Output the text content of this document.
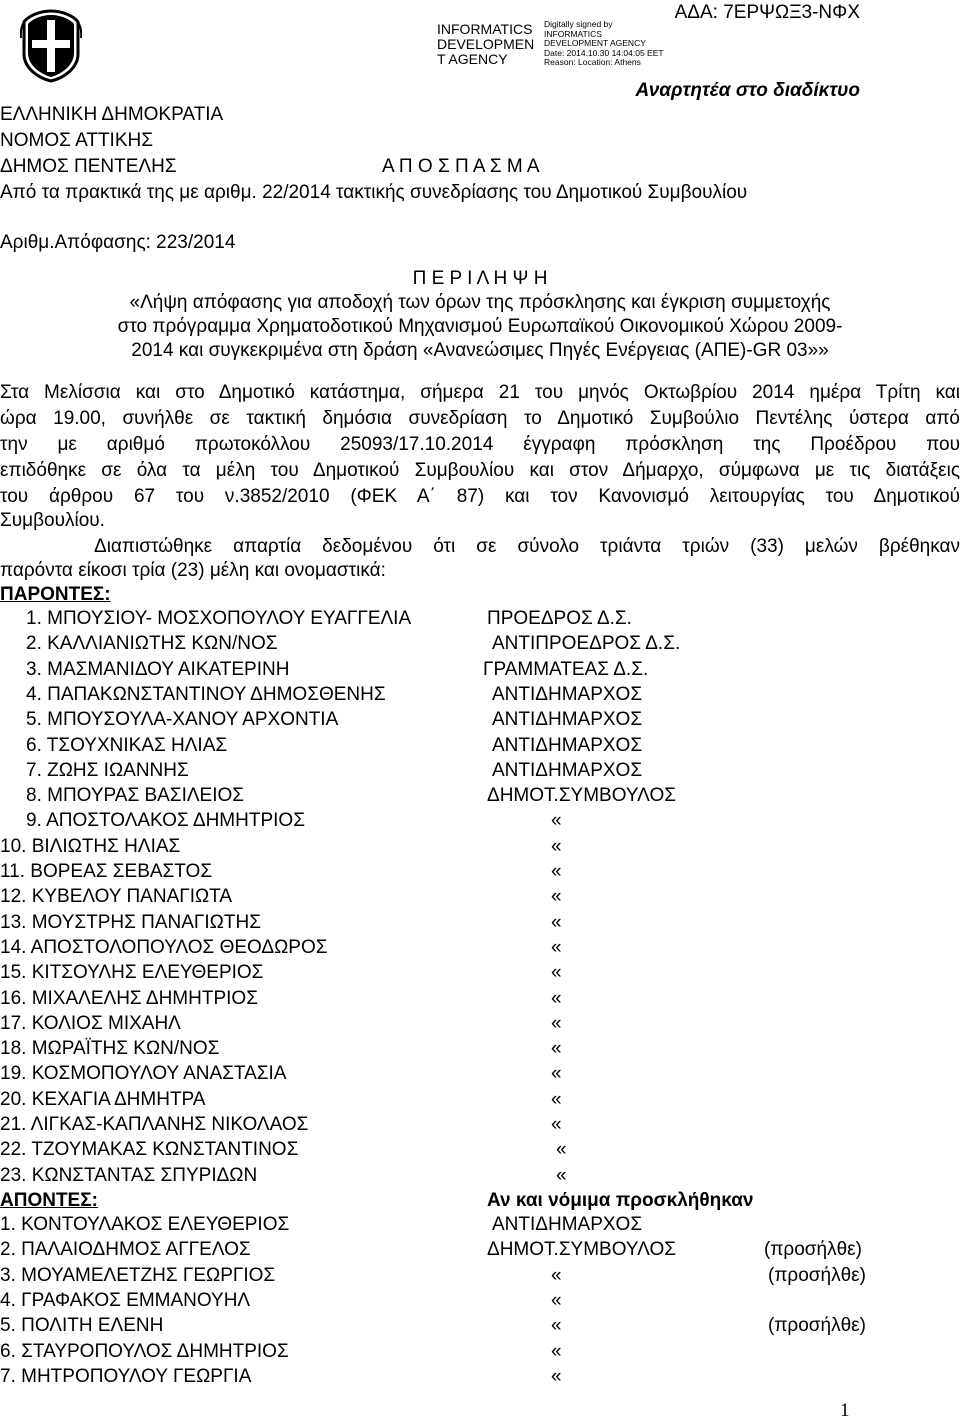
INFORMATICS DEVELOPMEN T AGENCY
Digitally signed by INFORMATICS DEVELOPMENT AGENCY Date: 2014.10.30 14:04:05 EET Reason: Location: Athens
ΑΔΑ: 7ΕΡΨΩΞ3-ΝΦΧ
Αναρτητέα στο διαδίκτυο
ΕΛΛΗΝΙΚΗ ΔΗΜΟΚΡΑΤΙΑ
ΝΟΜΟΣ ΑΤΤΙΚΗΣ
ΔΗΜΟΣ ΠΕΝΤΕΛΗΣ	Α Π Ο Σ Π Α Σ Μ Α
Από τα πρακτικά της με αριθμ. 22/2014 τακτικής συνεδρίασης του Δημοτικού Συμβουλίου
Αριθμ.Απόφασης: 223/2014
Π Ε Ρ Ι Λ Η Ψ Η
«Λήψη απόφασης για αποδοχή των όρων της πρόσκλησης και έγκριση συμμετοχής
στο πρόγραμμα Χρηματοδοτικού Μηχανισμού Ευρωπαϊκού Οικονομικού Χώρου 2009-
2014 και συγκεκριμένα στη δράση «Ανανεώσιμες Πηγές Ενέργειας (ΑΠΕ)-GR 03»»
Στα Μελίσσια και στο Δημοτικό κατάστημα, σήμερα 21 του μηνός Οκτωβρίου 2014 ημέρα Τρίτη και
ώρα 19.00, συνήλθε σε τακτική δημόσια συνεδρίαση το Δημοτικό Συμβούλιο Πεντέλης ύστερα από
την με αριθμό πρωτοκόλλου 25093/17.10.2014 έγγραφη πρόσκληση της Προέδρου που
επιδόθηκε σε όλα τα μέλη του Δημοτικού Συμβουλίου και στον Δήμαρχο, σύμφωνα με τις διατάξεις
του άρθρου 67 του ν.3852/2010 (ΦΕΚ Α΄ 87) και τον Κανονισμό λειτουργίας του Δημοτικού
Συμβουλίου.
Διαπιστώθηκε απαρτία δεδομένου ότι σε σύνολο τριάντα τριών (33) μελών βρέθηκαν
παρόντα είκοσι τρία (23) μέλη και ονομαστικά:
ΠΑΡΟΝΤΕΣ:
1. ΜΠΟΥΣΙΟΥ- ΜΟΣΧΟΠΟΥΛΟΥ ΕΥΑΓΓΕΛΙΑ	ΠΡΟΕΔΡΟΣ Δ.Σ.
2. ΚΑΛΛΙΑΝΙΩΤΗΣ ΚΩΝ/ΝΟΣ	ΑΝΤΙΠΡΟΕΔΡΟΣ Δ.Σ.
3. ΜΑΣΜΑΝΙΔΟΥ ΑΙΚΑΤΕΡΙΝΗ	ΓΡΑΜΜΑΤΕΑΣ Δ.Σ.
4. ΠΑΠΑΚΩΝΣΤΑΝΤΙΝΟΥ ΔΗΜΟΣΘΕΝΗΣ	ΑΝΤΙΔΗΜΑΡΧΟΣ
5. ΜΠΟΥΣΟΥΛΑ-ΧΑΝΟΥ ΑΡΧΟΝΤΙΑ	ΑΝΤΙΔΗΜΑΡΧΟΣ
6. ΤΣΟΥΧΝΙΚΑΣ ΗΛΙΑΣ	ΑΝΤΙΔΗΜΑΡΧΟΣ
7. ΖΩΗΣ ΙΩΑΝΝΗΣ	ΑΝΤΙΔΗΜΑΡΧΟΣ
8. ΜΠΟΥΡΑΣ ΒΑΣΙΛΕΙΟΣ	ΔΗΜΟΤ.ΣΥΜΒΟΥΛΟΣ
9. ΑΠΟΣΤΟΛΑΚΟΣ ΔΗΜΗΤΡΙΟΣ	«
10. ΒΙΛΙΩΤΗΣ ΗΛΙΑΣ	«
11. ΒΟΡΕΑΣ ΣΕΒΑΣΤΟΣ	«
12. ΚΥΒΕΛΟΥ ΠΑΝΑΓΙΩΤΑ	«
13. ΜΟΥΣΤΡΗΣ ΠΑΝΑΓΙΩΤΗΣ	«
14. ΑΠΟΣΤΟΛΟΠΟΥΛΟΣ ΘΕΟΔΩΡΟΣ	«
15. ΚΙΤΣΟΥΛΗΣ ΕΛΕΥΘΕΡΙΟΣ	«
16. ΜΙΧΑΛΕΛΗΣ ΔΗΜΗΤΡΙΟΣ	«
17. ΚΟΛΙΟΣ ΜΙΧΑΗΛ	«
18. ΜΩΡΑΪΤΗΣ ΚΩΝ/ΝΟΣ	«
19. ΚΟΣΜΟΠΟΥΛΟΥ ΑΝΑΣΤΑΣΙΑ	«
20. ΚΕΧΑΓΙΑ ΔΗΜΗΤΡΑ	«
21. ΛΙΓΚΑΣ-ΚΑΠΛΑΝΗΣ ΝΙΚΟΛΑΟΣ	«
22. ΤΖΟΥΜΑΚΑΣ ΚΩΝΣΤΑΝΤΙΝΟΣ	«
23. ΚΩΝΣΤΑΝΤΑΣ ΣΠΥΡΙΔΩΝ	«
ΑΠΟΝΤΕΣ:	Αν και νόμιμα προσκλήθηκαν
1. ΚΟΝΤΟΥΛΑΚΟΣ ΕΛΕΥΘΕΡΙΟΣ	ΑΝΤΙΔΗΜΑΡΧΟΣ
2. ΠΑΛΑΙΟΔΗΜΟΣ ΑΓΓΕΛΟΣ	ΔΗΜΟΤ.ΣΥΜΒΟΥΛΟΣ	(προσήλθε)
3. ΜΟΥΑΜΕΛΕΤΖΗΣ ΓΕΩΡΓΙΟΣ	«	(προσήλθε)
4. ΓΡΑΦΑΚΟΣ ΕΜΜΑΝΟΥΗΛ	«
5. ΠΟΛΙΤΗ ΕΛΕΝΗ	«	(προσήλθε)
6. ΣΤΑΥΡΟΠΟΥΛΟΣ ΔΗΜΗΤΡΙΟΣ	«
7. ΜΗΤΡΟΠΟΥΛΟΥ ΓΕΩΡΓΙΑ	«
1
